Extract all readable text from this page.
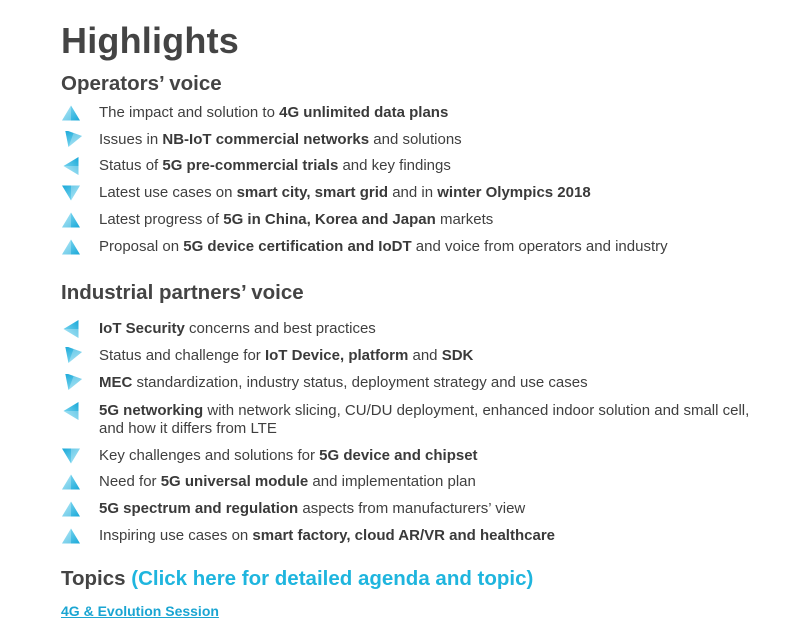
Highlights
Operators’ voice
The impact and solution to 4G unlimited data plans
Issues in NB-IoT commercial networks and solutions
Status of 5G pre-commercial trials and key findings
Latest use cases on smart city, smart grid and in winter Olympics 2018
Latest progress of 5G in China, Korea and Japan markets
Proposal on 5G device certification and IoDT and voice from operators and industry
Industrial partners’ voice
IoT Security concerns and best practices
Status and challenge for IoT Device, platform and SDK
MEC standardization, industry status, deployment strategy and use cases
5G networking with network slicing, CU/DU deployment, enhanced indoor solution and small cell, and how it differs from LTE
Key challenges and solutions for 5G device and chipset
Need for 5G universal module and implementation plan
5G spectrum and regulation aspects from manufacturers’ view
Inspiring use cases on smart factory, cloud AR/VR and healthcare
Topics (Click here for detailed agenda and topic)
4G & Evolution Session
